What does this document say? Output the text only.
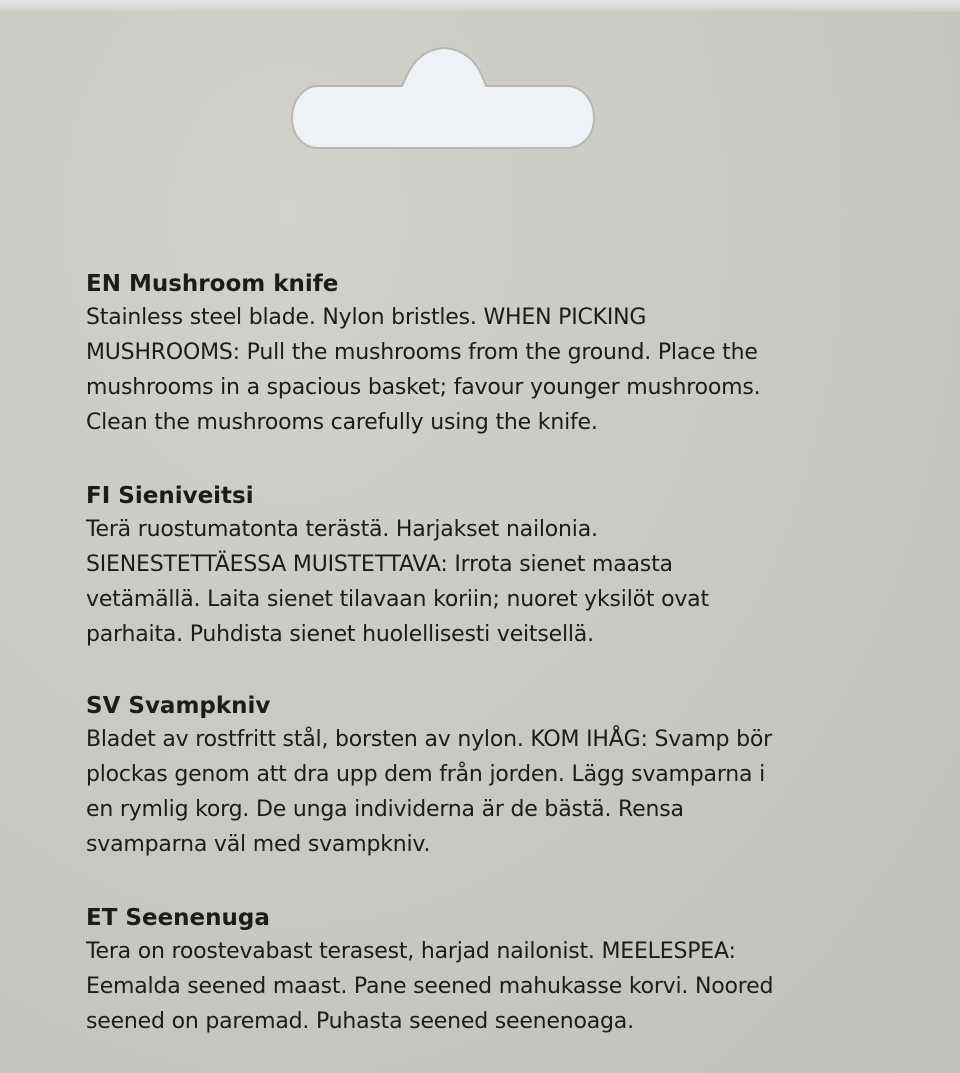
EN Mushroom knife

Stainless steel blade. Nylon bristles. WHEN PICKING
MUSHROOMS: Pull the mushrooms from the ground. Place the
mushrooms in a spacious basket; favour younger mushrooms.
Clean the mushrooms carefully using the knife.

FI Sieniveitsi

Terä ruostumatonta terästä. Harjakset nailonia.
SIENESTETTÄESSA MUISTETTAVA: Irrota sienet maasta
vetämällä. Laita sienet tilavaan koriin; nuoret yksilöt ovat
parhaita. Puhdista sienet huolellisesti veitsellä.

SV Svampkniv

Bladet av rostfritt stål, borsten av nylon. KOM IHÅG: Svamp bör
plockas genom att dra upp dem från jorden. Lägg svamparna i
en rymlig korg. De unga individerna är de bästä. Rensa
svamparna väl med svampkniv.

ET Seenenuga

Tera on roostevabast terasest, harjad nailonist. MEELESPEA:
Eemalda seened maast. Pane seened mahukasse korvi. Noored
seened on paremad. Puhasta seened seenenoaga.
